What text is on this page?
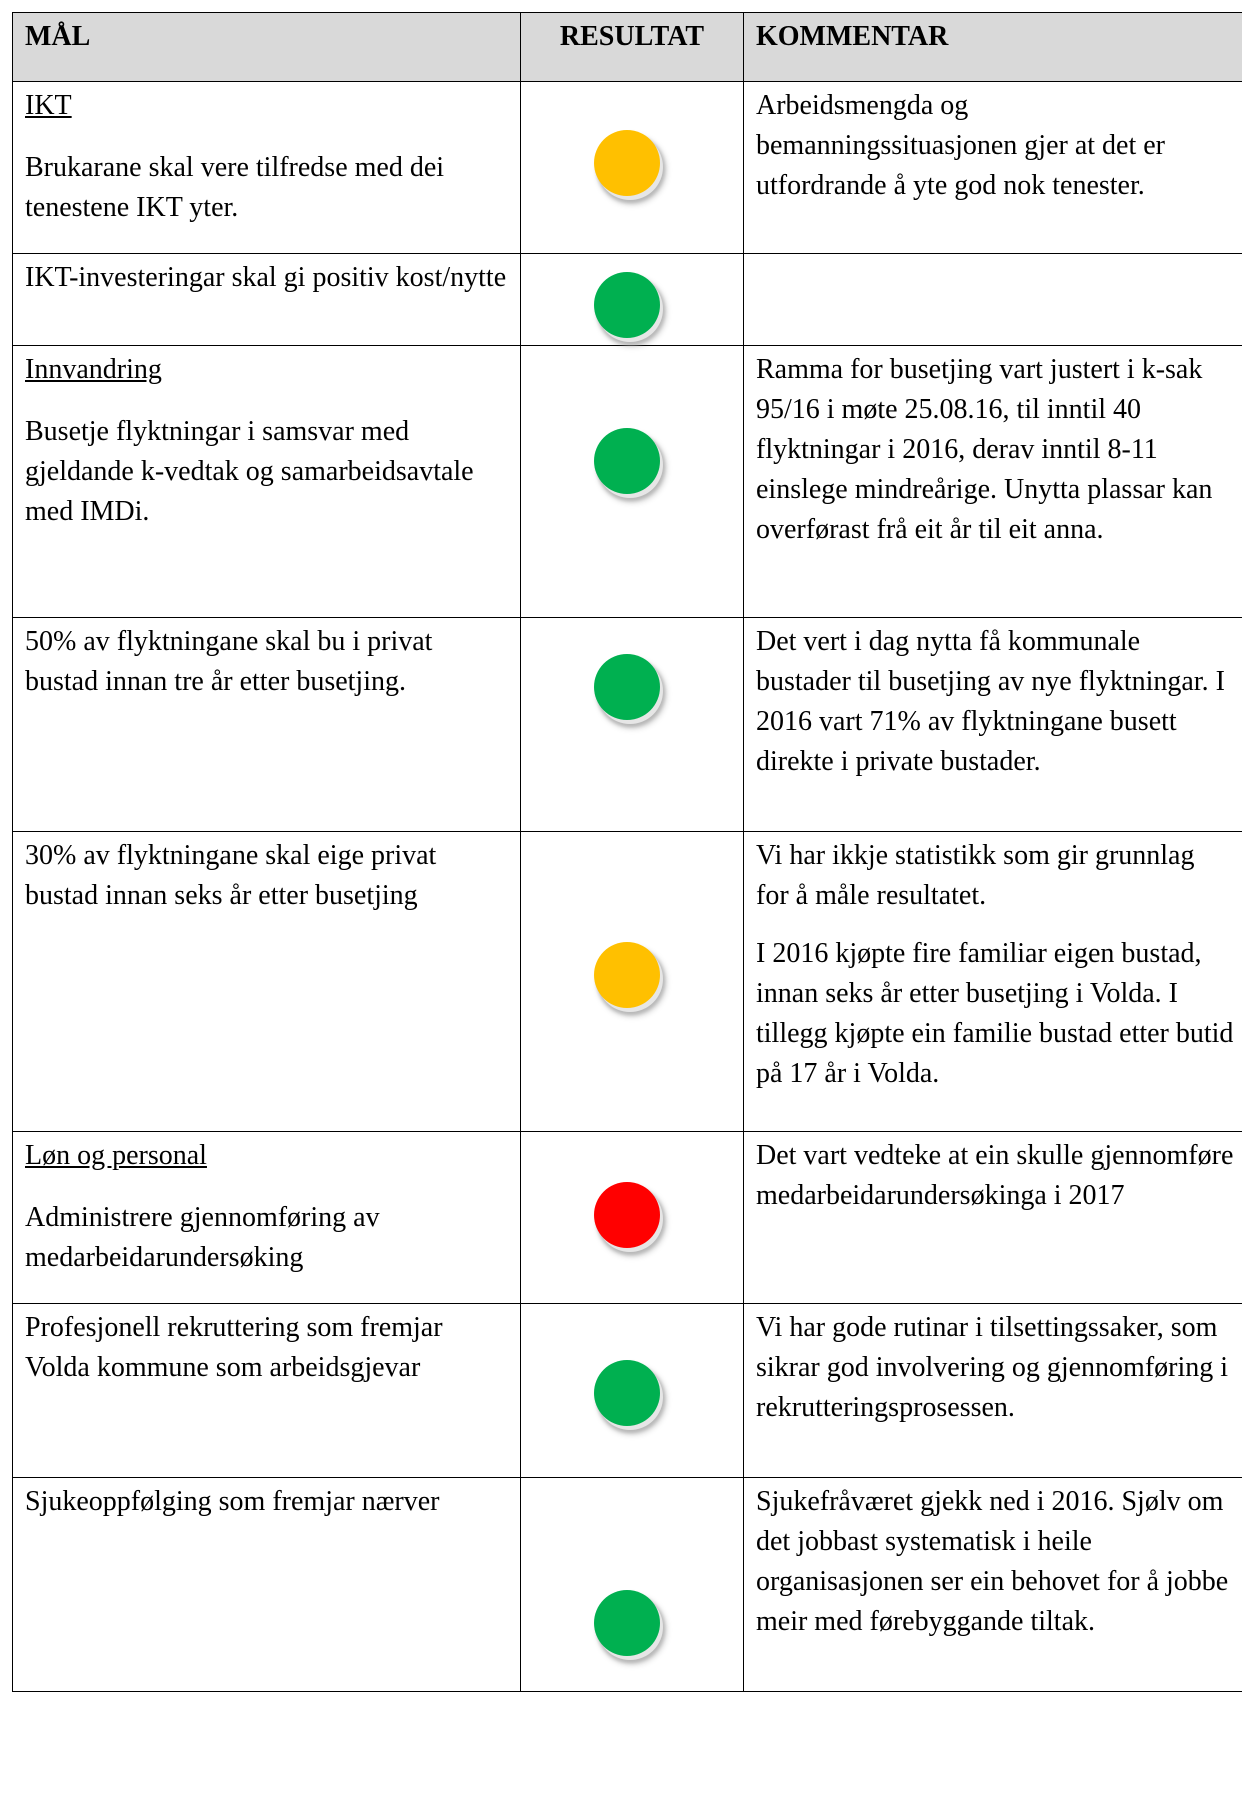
MÅL	RESULTAT	KOMMENTAR

IKT

Brukarane skal vere tilfredse med dei tenestene IKT yter.		Arbeidsmengda og bemanningssituasjonen gjer at det er utfordrande å yte god nok tenester.

IKT-investeringar skal gi positiv kost/nytte		

Innvandring

Busetje flyktningar i samsvar med gjeldande k-vedtak og samarbeidsavtale med IMDi.		Ramma for busetjing vart justert i k-sak 95/16 i møte 25.08.16, til inntil 40 flyktningar i 2016, derav inntil 8-11 einslege mindreårige. Unytta plassar kan overførast frå eit år til eit anna.

50% av flyktningane skal bu i privat bustad innan tre år etter busetjing.		Det vert i dag nytta få kommunale bustader til busetjing av nye flyktningar. I 2016 vart 71% av flyktningane busett direkte i private bustader.

30% av flyktningane skal eige privat bustad innan seks år etter busetjing		Vi har ikkje statistikk som gir grunnlag for å måle resultatet.

I 2016 kjøpte fire familiar eigen bustad, innan seks år etter busetjing i Volda. I tillegg kjøpte ein familie bustad etter butid på 17 år i Volda.

Løn og personal

Administrere gjennomføring av medarbeidarundersøking		Det vart vedteke at ein skulle gjennomføre medarbeidarundersøkinga i 2017

Profesjonell rekruttering som fremjar Volda kommune som arbeidsgjevar		Vi har gode rutinar i tilsettingssaker, som sikrar god involvering og gjennomføring i rekrutteringsprosessen.

Sjukeoppfølging som fremjar nærver		Sjukefråværet gjekk ned i 2016. Sjølv om det jobbast systematisk i heile organisasjonen ser ein behovet for å jobbe meir med førebyggande tiltak.
